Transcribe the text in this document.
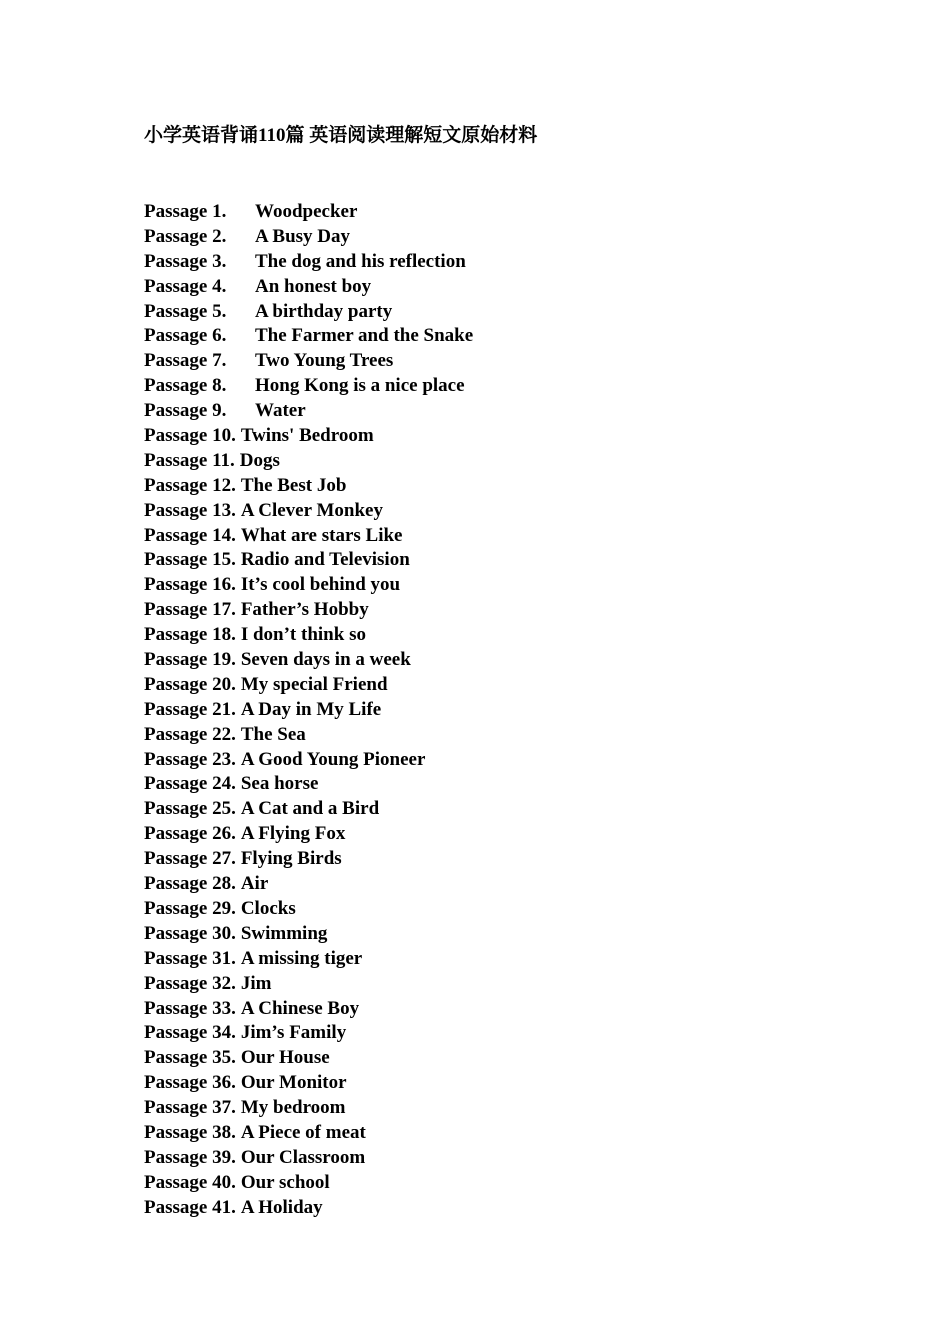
小学英语背诵110篇 英语阅读理解短文原始材料
Passage 1. Woodpecker
Passage 2. A Busy Day
Passage 3. The dog and his reflection
Passage 4. An honest boy
Passage 5. A birthday party
Passage 6. The Farmer and the Snake
Passage 7. Two Young Trees
Passage 8. Hong Kong is a nice place
Passage 9. Water
Passage 10. Twins' Bedroom
Passage 11. Dogs
Passage 12. The Best Job
Passage 13. A Clever Monkey
Passage 14. What are stars Like
Passage 15. Radio and Television
Passage 16. It’s cool behind you
Passage 17. Father’s Hobby
Passage 18. I don’t think so
Passage 19. Seven days in a week
Passage 20. My special Friend
Passage 21. A Day in My Life
Passage 22. The Sea
Passage 23. A Good Young Pioneer
Passage 24. Sea horse
Passage 25. A Cat and a Bird
Passage 26. A Flying Fox
Passage 27. Flying Birds
Passage 28. Air
Passage 29. Clocks
Passage 30. Swimming
Passage 31. A missing tiger
Passage 32. Jim
Passage 33. A Chinese Boy
Passage 34. Jim’s Family
Passage 35. Our House
Passage 36. Our Monitor
Passage 37. My bedroom
Passage 38. A Piece of meat
Passage 39. Our Classroom
Passage 40. Our school
Passage 41. A Holiday
